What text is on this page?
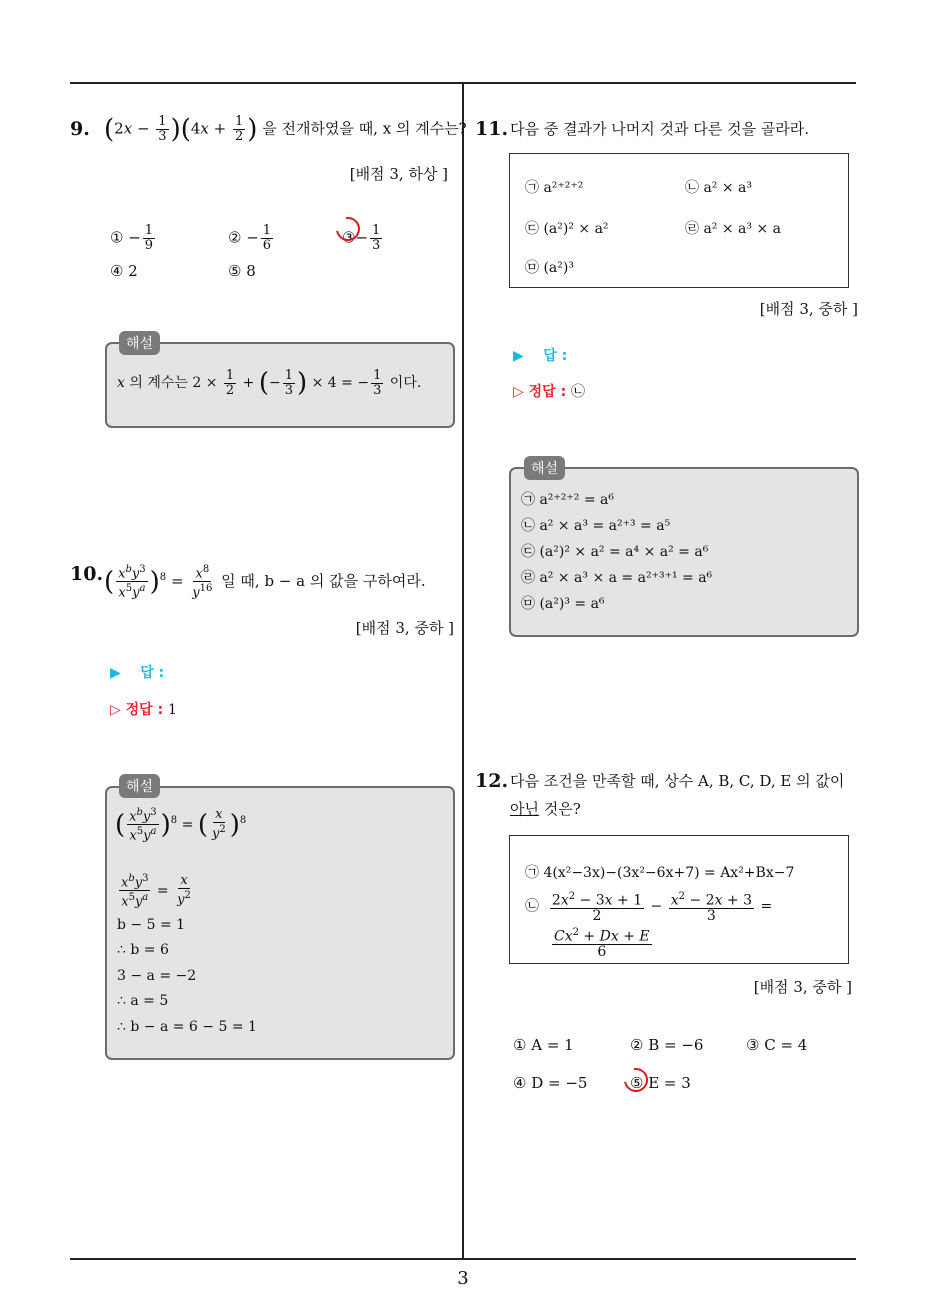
9. $(2x - \frac{1}{3} )(4x + \frac{1}{2}$ ) 을 전개하였을 때, x 의 계수는?
[배점 3, 하상 ]
① − $\frac{1}{9}$	② − $\frac{1}{6}$	③− $\frac{1}{3}$
④ 2	⑤ 8
해설
x 의 계수는 $2 \times \frac{1}{2}$ + (− $\frac{1}{3}$ ) × 4 = − $\frac{1}{3}$ 이다.
10. ( $\frac{x^by^3}{x^5y^a} )^8 = \frac{x^8}{y^{16}}$ 일 때, b − a 의 값을 구하여라.
[배점 3, 중하 ]
▶    답 :
▷ 정답 : 1
해설
( $\frac{x^by^3}{x^5y^a} )^8$ = ( $\frac{x}{y^2} )^8$
$\frac{x^by^3}{x^5y^a} = \frac{x}{y^2}$
b − 5 = 1
∴ b = 6
3 − a = −2
∴ a = 5
∴ b − a = 6 − 5 = 1
11. 다음 중 결과가 나머지 것과 다른 것을 골라라.
㉠ a²⁺²⁺²	㉡ a² × a³
㉢ (a²)² × a²	㉣ a² × a³ × a
㉤ (a²)³
[배점 3, 중하 ]
▶    답 :
▷ 정답 : ㉡
해설
㉠ a²⁺²⁺² = a⁶
㉡ a² × a³ = a²⁺³ = a⁵
㉢ (a²)² × a² = a⁴ × a² = a⁶
㉣ a² × a³ × a = a²⁺³⁺¹ = a⁶
㉤ (a²)³ = a⁶
12. 다음 조건을 만족할 때, 상수 A, B, C, D, E 의 값이
아닌 것은?
㉠ 4(x²−3x)−(3x²−6x+7) = Ax²+Bx−7
㉡ $\frac{2x^2 - 3x + 1}{2} - \frac{x^2 - 2x + 3}{3}$ =
$\frac{Cx^2 + Dx + E}{6}$
[배점 3, 중하 ]
① A = 1	② B = −6	③ C = 4
④ D = −5	⑤ E = 3
3
